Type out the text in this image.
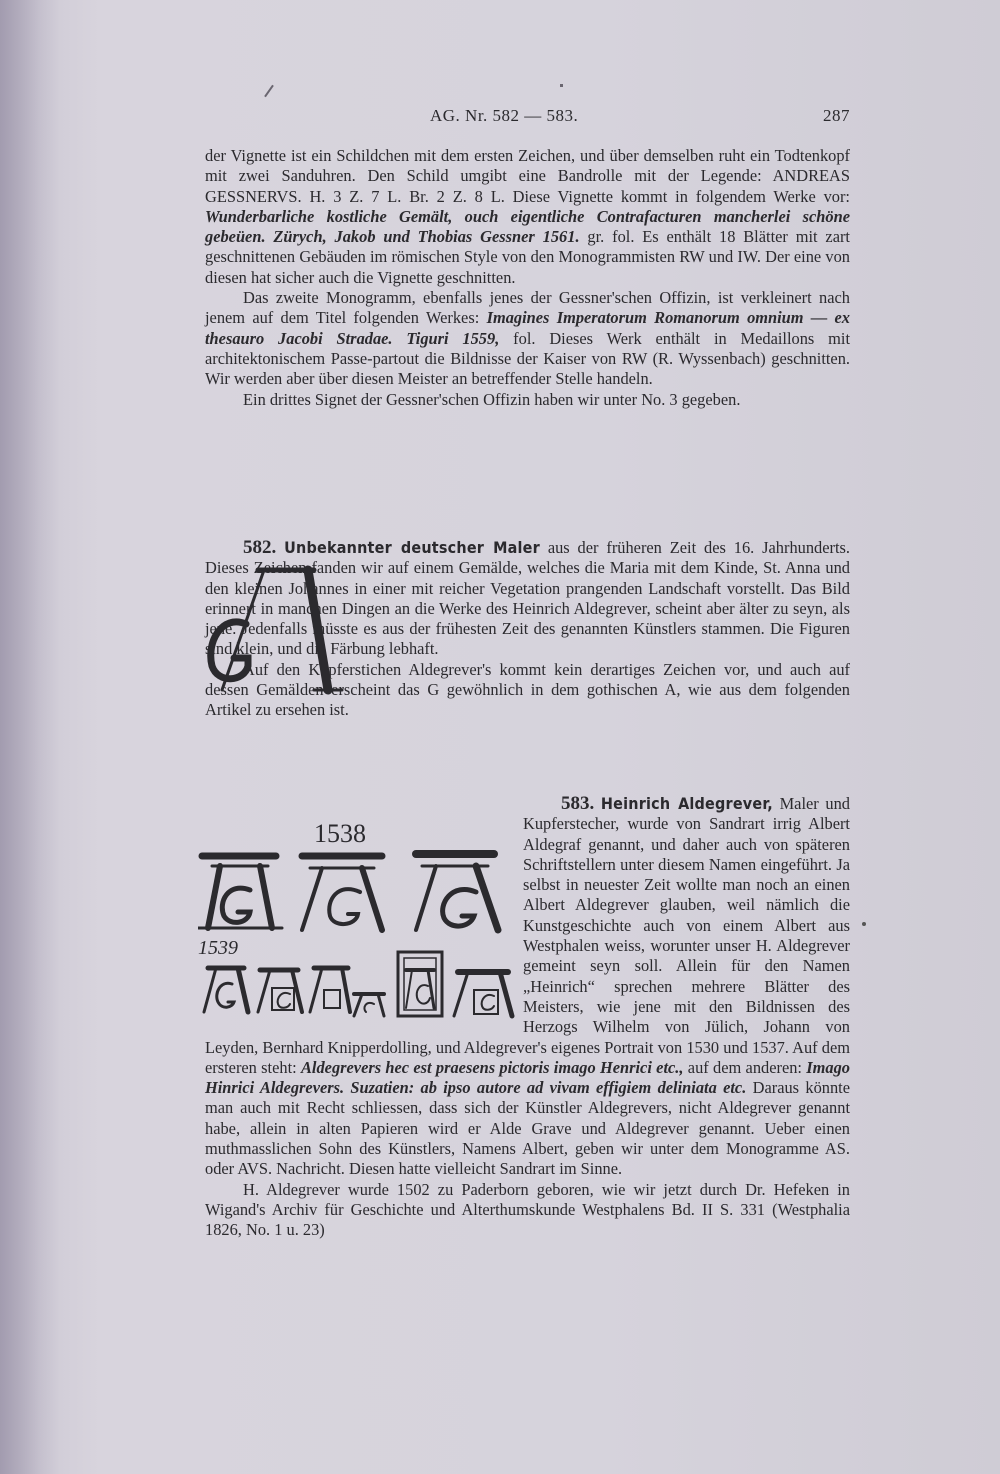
AG. Nr. 582 — 583.	287

der Vignette ist ein Schildchen mit dem ersten Zeichen, und über demselben ruht ein Todtenkopf mit zwei Sanduhren. Den Schild umgibt eine Bandrolle mit der Legende: ANDREAS GESSNERVS. H. 3 Z. 7 L. Br. 2 Z. 8 L. Diese Vignette kommt in folgendem Werke vor: Wunderbarliche kostliche Gemält, ouch eigentliche Contrafacturen mancherlei schöne gebeüen. Zürych, Jakob und Thobias Gessner 1561. gr. fol. Es enthält 18 Blätter mit zart geschnittenen Gebäuden im römischen Style von den Monogrammisten RW und IW. Der eine von diesen hat sicher auch die Vignette geschnitten.

Das zweite Monogramm, ebenfalls jenes der Gessner'schen Offizin, ist verkleinert nach jenem auf dem Titel folgenden Werkes: Imagines Imperatorum Romanorum omnium — ex thesauro Jacobi Stradae. Tiguri 1559, fol. Dieses Werk enthält in Medaillons mit architektonischem Passe-partout die Bildnisse der Kaiser von RW (R. Wyssenbach) geschnitten. Wir werden aber über diesen Meister an betreffender Stelle handeln.

Ein drittes Signet der Gessner'schen Offizin haben wir unter No. 3 gegeben.

582. Unbekannter deutscher Maler aus der früheren Zeit des 16. Jahrhunderts. Dieses Zeichen fanden wir auf einem Gemälde, welches die Maria mit dem Kinde, St. Anna und den kleinen Johannes in einer mit reicher Vegetation prangenden Landschaft vorstellt. Das Bild erinnert in manchen Dingen an die Werke des Heinrich Aldegrever, scheint aber älter zu seyn, als jene. Jedenfalls müsste es aus der frühesten Zeit des genannten Künstlers stammen. Die Figuren sind klein, und die Färbung lebhaft.

Auf den Kupferstichen Aldegrever's kommt kein derartiges Zeichen vor, und auch auf dessen Gemälden erscheint das G gewöhnlich in dem gothischen A, wie aus dem folgenden Artikel zu ersehen ist.

583. Heinrich Aldegrever, Maler und Kupferstecher, wurde von Sandrart irrig Albert Aldegraf genannt, und daher auch von späteren Schriftstellern unter diesem Namen eingeführt. Ja selbst in neuester Zeit wollte man noch an einen Albert Aldegrever glauben, weil nämlich die Kunstgeschichte auch von einem Albert aus Westphalen weiss, worunter unser H. Aldegrever gemeint seyn soll. Allein für den Namen „Heinrich“ sprechen mehrere Blätter des Meisters, wie jene mit den Bildnissen des Herzogs Wilhelm von Jülich, Johann von Leyden, Bernhard Knipperdolling, und Aldegrever's eigenes Portrait von 1530 und 1537. Auf dem ersteren steht: Aldegrevers hec est praesens pictoris imago Henrici etc., auf dem anderen: Imago Hinrici Aldegrevers. Suzatien: ab ipso autore ad vivam effigiem deliniata etc. Daraus könnte man auch mit Recht schliessen, dass sich der Künstler Aldegrevers, nicht Aldegrever genannt habe, allein in alten Papieren wird er Alde Grave und Aldegrever genannt. Ueber einen muthmasslichen Sohn des Künstlers, Namens Albert, geben wir unter dem Monogramme AS. oder AVS. Nachricht. Diesen hatte vielleicht Sandrart im Sinne.

H. Aldegrever wurde 1502 zu Paderborn geboren, wie wir jetzt durch Dr. Hefeken in Wigand's Archiv für Geschichte und Alterthumskunde Westphalens Bd. II S. 331 (Westphalia 1826, No. 1 u. 23)

1538
1539
